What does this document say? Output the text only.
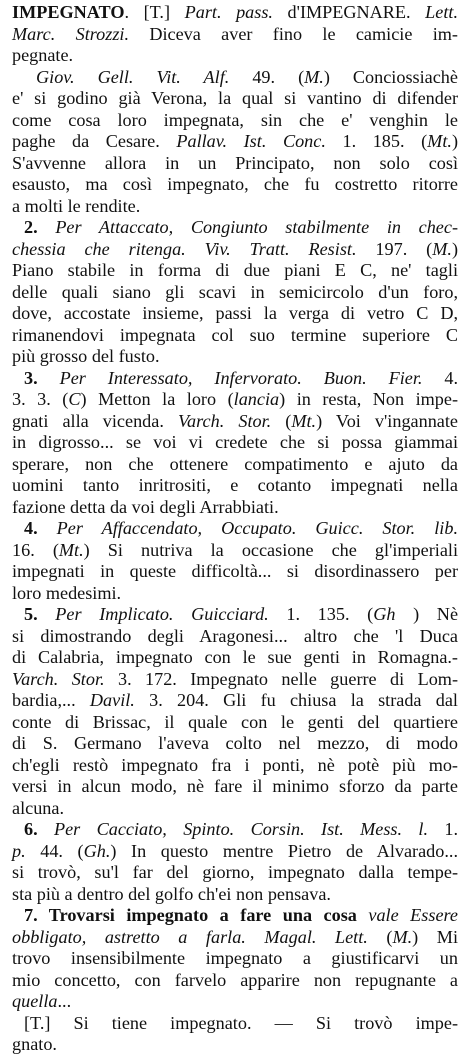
IMPEGNATO. [T.] Part. pass. d'IMPEGNARE. Lett.
Marc. Strozzi. Diceva aver fino le camicie im-
pegnate.
Giov. Gell. Vit. Alf. 49. (M.) Conciossiachè
e' si godino già Verona, la qual si vantino di difender
come cosa loro impegnata, sin che e' venghin le
paghe da Cesare. Pallav. Ist. Conc. 1. 185. (Mt.)
S'avvenne allora in un Principato, non solo così
esausto, ma così impegnato, che fu costretto ritorre
a molti le rendite.
2. Per Attaccato, Congiunto stabilmente in chec-
chessia che ritenga. Viv. Tratt. Resist. 197. (M.)
Piano stabile in forma di due piani E C, ne' tagli
delle quali siano gli scavi in semicircolo d'un foro,
dove, accostate insieme, passi la verga di vetro C D,
rimanendovi impegnata col suo termine superiore C
più grosso del fusto.
3. Per Interessato, Infervorato. Buon. Fier. 4.
3. 3. (C) Metton la loro (lancia) in resta, Non impe-
gnati alla vicenda. Varch. Stor. (Mt.) Voi v'ingannate
in digrosso... se voi vi credete che si possa giammai
sperare, non che ottenere compatimento e ajuto da
uomini tanto inritrositi, e cotanto impegnati nella
fazione detta da voi degli Arrabbiati.
4. Per Affaccendato, Occupato. Guicc. Stor. lib.
16. (Mt.) Si nutriva la occasione che gl'imperiali
impegnati in queste difficoltà... si disordinassero per
loro medesimi.
5. Per Implicato. Guicciard. 1. 135. (Gh ) Nè
si dimostrando degli Aragonesi... altro che 'l Duca
di Calabria, impegnato con le sue genti in Romagna.-
Varch. Stor. 3. 172. Impegnato nelle guerre di Lom-
bardia,... Davil. 3. 204. Gli fu chiusa la strada dal
conte di Brissac, il quale con le genti del quartiere
di S. Germano l'aveva colto nel mezzo, di modo
ch'egli restò impegnato fra i ponti, nè potè più mo-
versi in alcun modo, nè fare il minimo sforzo da parte
alcuna.
6. Per Cacciato, Spinto. Corsin. Ist. Mess. l. 1.
p. 44. (Gh.) In questo mentre Pietro de Alvarado...
si trovò, su'l far del giorno, impegnato dalla tempe-
sta più a dentro del golfo ch'ei non pensava.
7. Trovarsi impegnato a fare una cosa vale Essere
obbligato, astretto a farla. Magal. Lett. (M.) Mi
trovo insensibilmente impegnato a giustificarvi un
mio concetto, con farvelo apparire non repugnante a
quella...
[T.] Si tiene impegnato. — Si trovò impe-
gnato.
